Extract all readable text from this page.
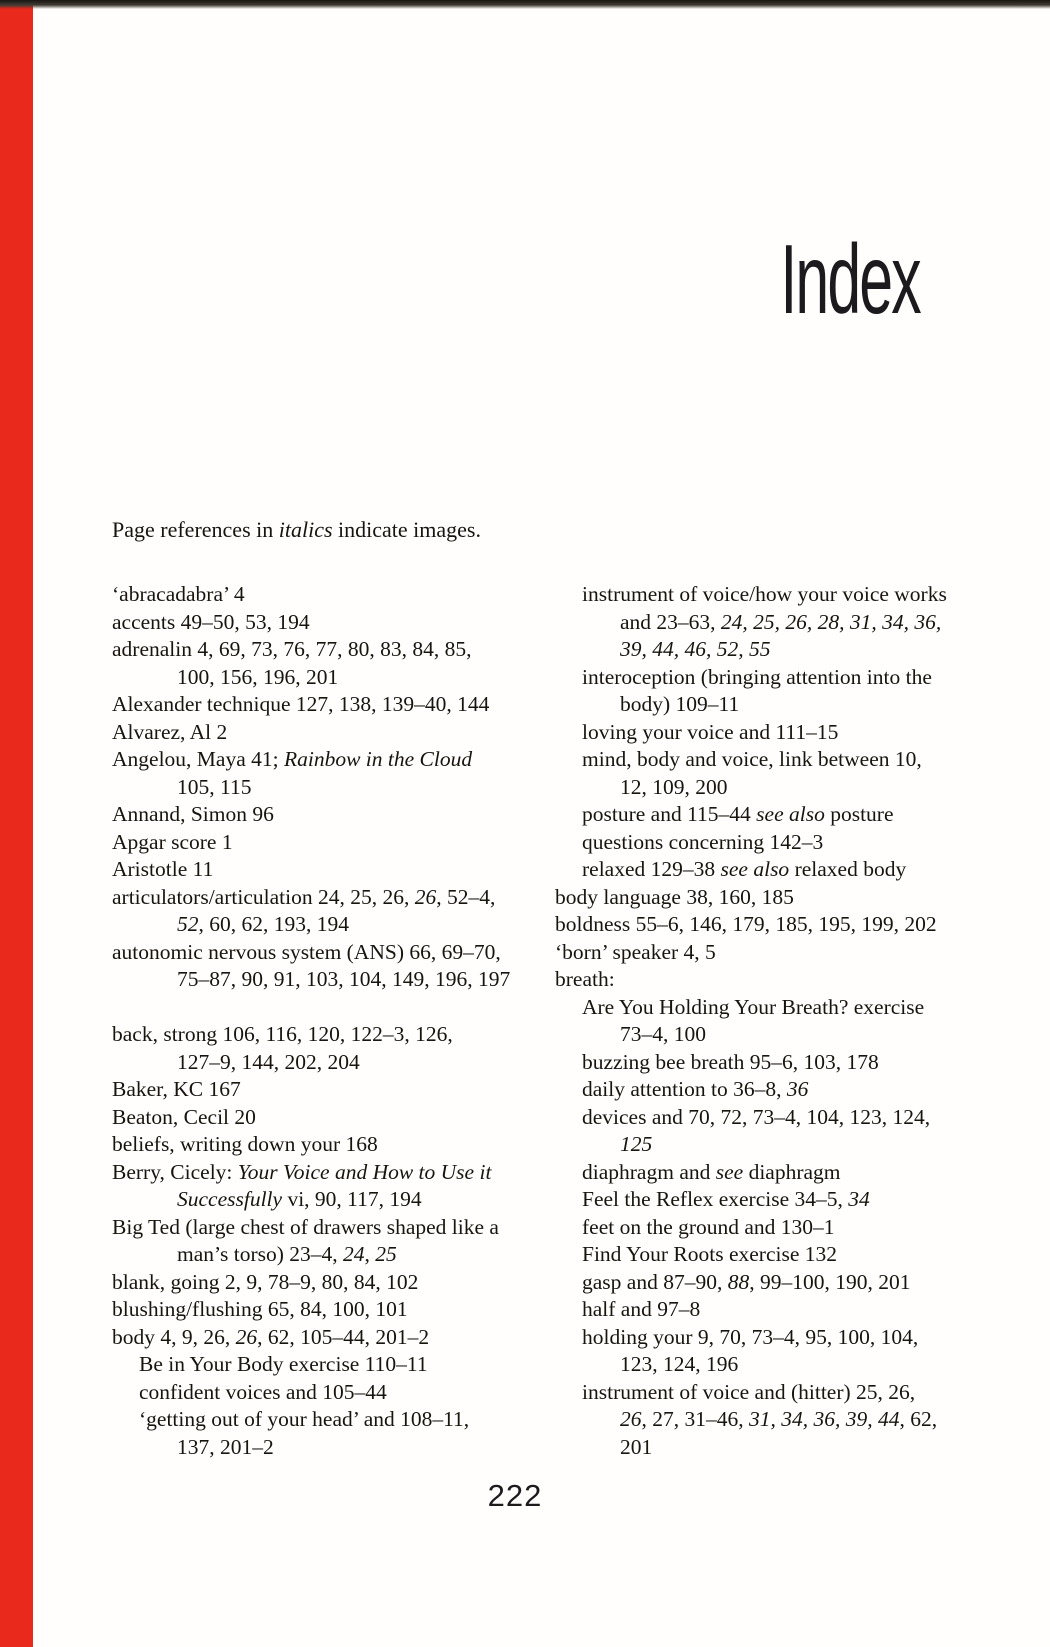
Index

Page references in italics indicate images.

‘abracadabra’ 4
accents 49–50, 53, 194
adrenalin 4, 69, 73, 76, 77, 80, 83, 84, 85,
100, 156, 196, 201
Alexander technique 127, 138, 139–40, 144
Alvarez, Al 2
Angelou, Maya 41; Rainbow in the Cloud
105, 115
Annand, Simon 96
Apgar score 1
Aristotle 11
articulators/articulation 24, 25, 26, 26, 52–4,
52, 60, 62, 193, 194
autonomic nervous system (ANS) 66, 69–70,
75–87, 90, 91, 103, 104, 149, 196, 197
back, strong 106, 116, 120, 122–3, 126,
127–9, 144, 202, 204
Baker, KC 167
Beaton, Cecil 20
beliefs, writing down your 168
Berry, Cicely: Your Voice and How to Use it
Successfully vi, 90, 117, 194
Big Ted (large chest of drawers shaped like a
man’s torso) 23–4, 24, 25
blank, going 2, 9, 78–9, 80, 84, 102
blushing/flushing 65, 84, 100, 101
body 4, 9, 26, 26, 62, 105–44, 201–2
Be in Your Body exercise 110–11
confident voices and 105–44
‘getting out of your head’ and 108–11,
137, 201–2
instrument of voice/how your voice works
and 23–63, 24, 25, 26, 28, 31, 34, 36,
39, 44, 46, 52, 55
interoception (bringing attention into the
body) 109–11
loving your voice and 111–15
mind, body and voice, link between 10,
12, 109, 200
posture and 115–44 see also posture
questions concerning 142–3
relaxed 129–38 see also relaxed body
body language 38, 160, 185
boldness 55–6, 146, 179, 185, 195, 199, 202
‘born’ speaker 4, 5
breath:
Are You Holding Your Breath? exercise
73–4, 100
buzzing bee breath 95–6, 103, 178
daily attention to 36–8, 36
devices and 70, 72, 73–4, 104, 123, 124,
125
diaphragm and see diaphragm
Feel the Reflex exercise 34–5, 34
feet on the ground and 130–1
Find Your Roots exercise 132
gasp and 87–90, 88, 99–100, 190, 201
half and 97–8
holding your 9, 70, 73–4, 95, 100, 104,
123, 124, 196
instrument of voice and (hitter) 25, 26,
26, 27, 31–46, 31, 34, 36, 39, 44, 62,
201
222
